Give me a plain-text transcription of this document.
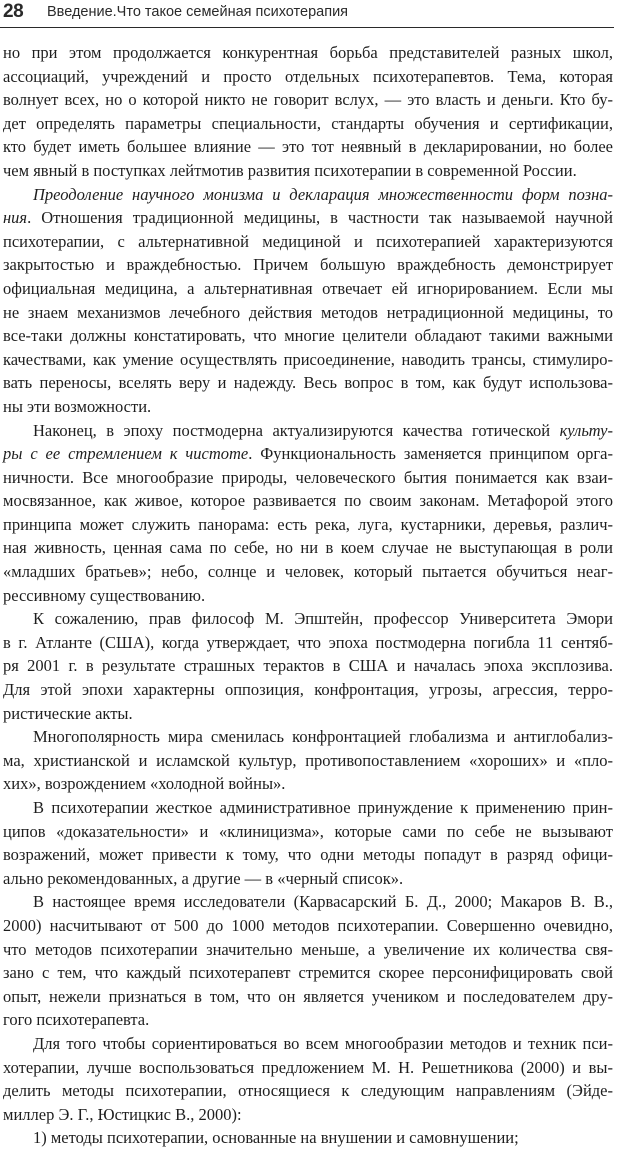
28 Введение.Что такое семейная психотерапия
но при этом продолжается конкурентная борьба представителей разных школ,
ассоциаций, учреждений и просто отдельных психотерапевтов. Тема, которая
волнует всех, но о которой никто не говорит вслух, — это власть и деньги. Кто бу-
дет определять параметры специальности, стандарты обучения и сертификации,
кто будет иметь большее влияние — это тот неявный в декларировании, но более
чем явный в поступках лейтмотив развития психотерапии в современной России.
Преодоление научного монизма и декларация множественности форм позна-
ния. Отношения традиционной медицины, в частности так называемой научной
психотерапии, с альтернативной медициной и психотерапией характеризуются
закрытостью и враждебностью. Причем большую враждебность демонстрирует
официальная медицина, а альтернативная отвечает ей игнорированием. Если мы
не знаем механизмов лечебного действия методов нетрадиционной медицины, то
все-таки должны констатировать, что многие целители обладают такими важными
качествами, как умение осуществлять присоединение, наводить трансы, стимулиро-
вать переносы, вселять веру и надежду. Весь вопрос в том, как будут использова-
ны эти возможности.
Наконец, в эпоху постмодерна актуализируются качества готической культу-
ры с ее стремлением к чистоте. Функциональность заменяется принципом орга-
ничности. Все многообразие природы, человеческого бытия понимается как взаи-
мосвязанное, как живое, которое развивается по своим законам. Метафорой этого
принципа может служить панорама: есть река, луга, кустарники, деревья, различ-
ная живность, ценная сама по себе, но ни в коем случае не выступающая в роли
«младших братьев»; небо, солнце и человек, который пытается обучиться неаг-
рессивному существованию.
К сожалению, прав философ М. Эпштейн, профессор Университета Эмори
в г. Атланте (США), когда утверждает, что эпоха постмодерна погибла 11 сентяб-
ря 2001 г. в результате страшных терактов в США и началась эпоха эксплозива.
Для этой эпохи характерны оппозиция, конфронтация, угрозы, агрессия, терро-
ристические акты.
Многополярность мира сменилась конфронтацией глобализма и антиглобализ-
ма, христианской и исламской культур, противопоставлением «хороших» и «пло-
хих», возрождением «холодной войны».
В психотерапии жесткое административное принуждение к применению прин-
ципов «доказательности» и «клиницизма», которые сами по себе не вызывают
возражений, может привести к тому, что одни методы попадут в разряд офици-
ально рекомендованных, а другие — в «черный список».
В настоящее время исследователи (Карвасарский Б. Д., 2000; Макаров В. В.,
2000) насчитывают от 500 до 1000 методов психотерапии. Совершенно очевидно,
что методов психотерапии значительно меньше, а увеличение их количества свя-
зано с тем, что каждый психотерапевт стремится скорее персонифицировать свой
опыт, нежели признаться в том, что он является учеником и последователем дру-
гого психотерапевта.
Для того чтобы сориентироваться во всем многообразии методов и техник пси-
хотерапии, лучше воспользоваться предложением М. Н. Решетникова (2000) и вы-
делить методы психотерапии, относящиеся к следующим направлениям (Эйде-
миллер Э. Г., Юстицкис В., 2000):
1) методы психотерапии, основанные на внушении и самовнушении;
